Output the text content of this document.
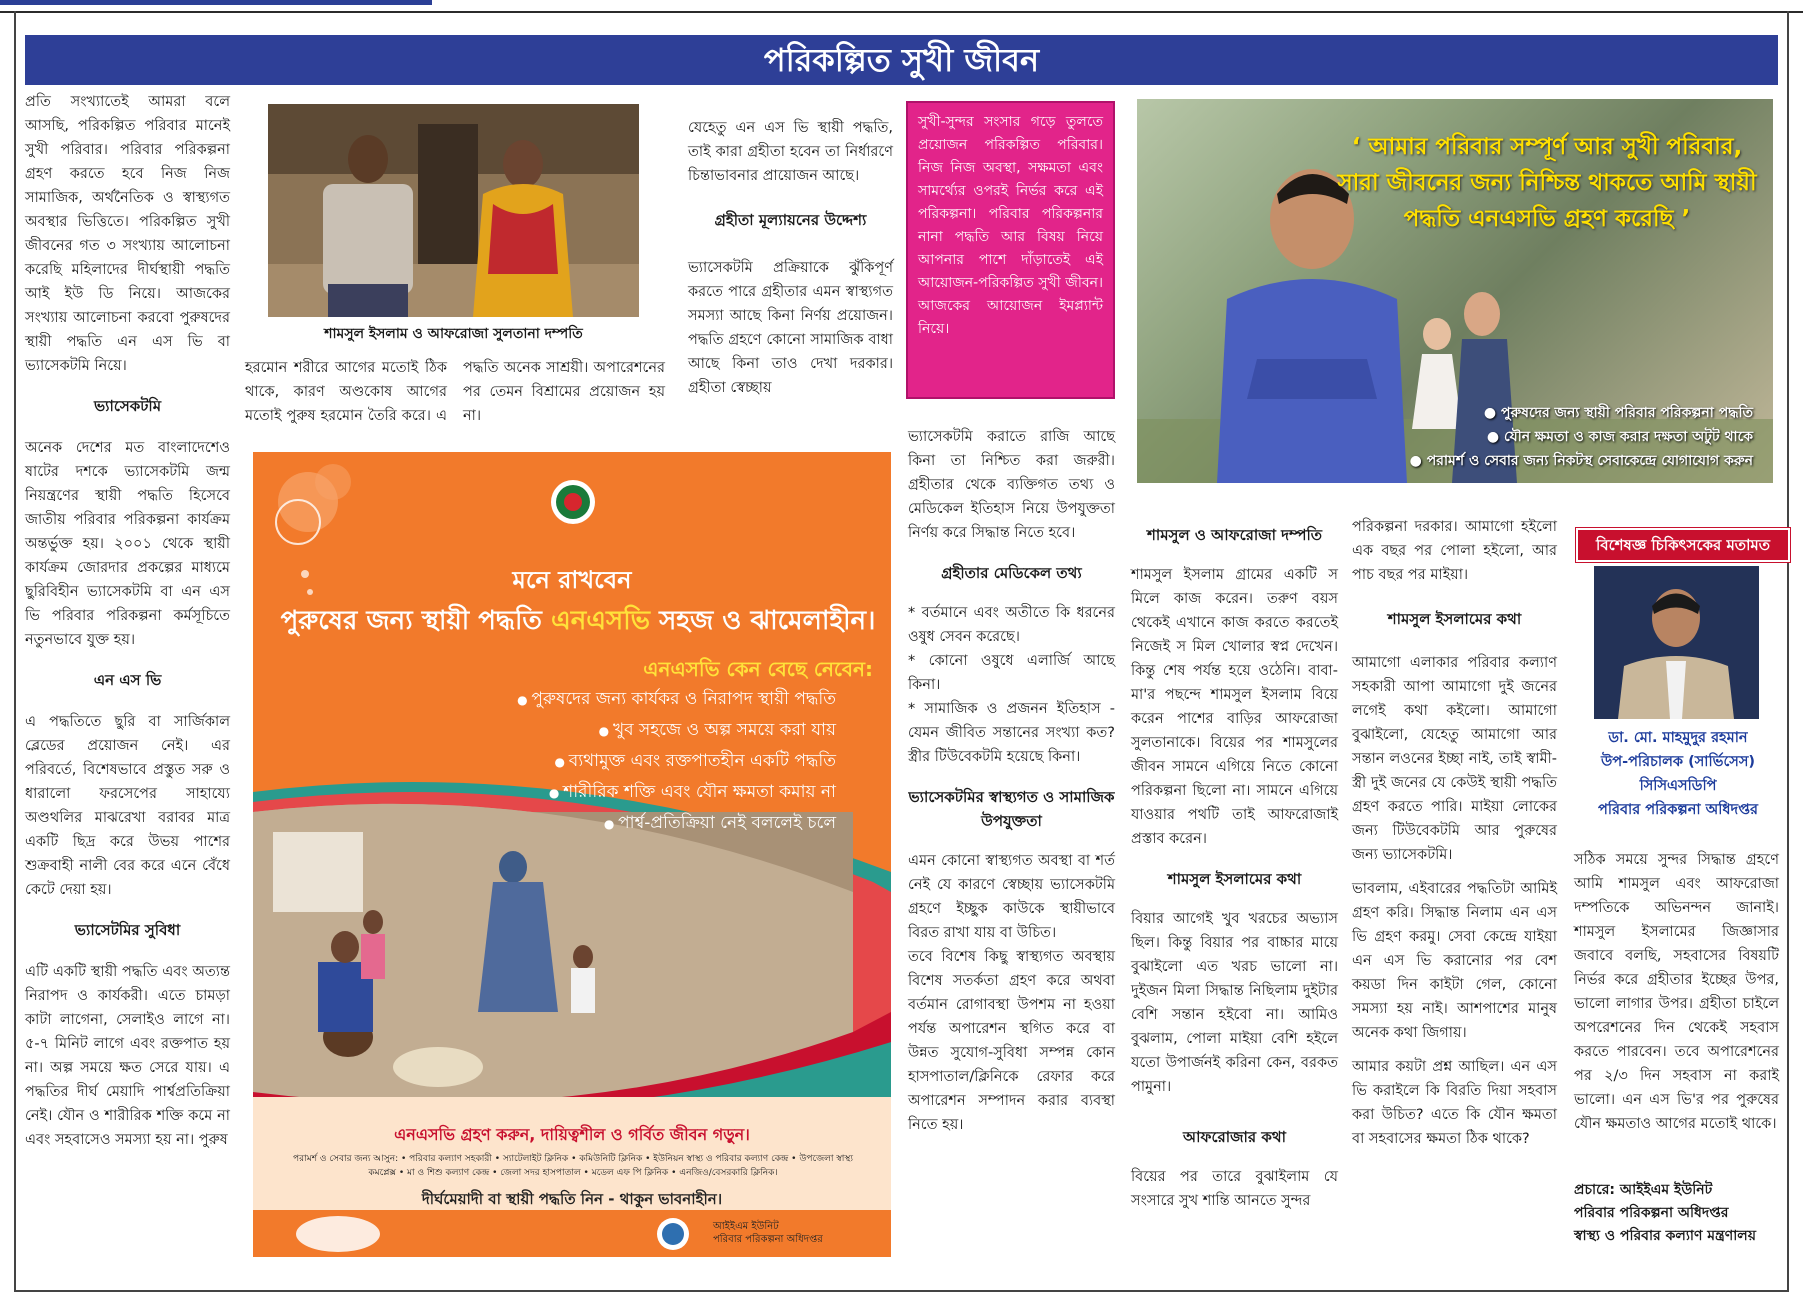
পরিকল্পিত সুখী জীবন

প্রতি সংখ্যাতেই আমরা বলে আসছি, পরিকল্পিত পরিবার মানেই সুখী পরিবার। পরিবার পরিকল্পনা গ্রহণ করতে হবে নিজ নিজ সামাজিক, অর্থনৈতিক ও স্বাস্থ্যগত অবস্থার ভিত্তিতে। পরিকল্পিত সুখী জীবনের গত ৩ সংখ্যায় আলোচনা করেছি মহিলাদের দীর্ঘস্থায়ী পদ্ধতি আই ইউ ডি নিয়ে। আজকের সংখ্যায় আলোচনা করবো পুরুষদের স্থায়ী পদ্ধতি এন এস ভি বা ভ্যাসেকটমি নিয়ে।

ভ্যাসেকটমি

অনেক দেশের মত বাংলাদেশেও ষাটের দশকে ভ্যাসেকটমি জন্ম নিয়ন্ত্রণের স্থায়ী পদ্ধতি হিসেবে জাতীয় পরিবার পরিকল্পনা কার্যক্রম অন্তর্ভুক্ত হয়। ২০০১ থেকে স্থায়ী কার্যক্রম জোরদার প্রকল্পের মাধ্যমে ছুরিবিহীন ভ্যাসেকটমি বা এন এস ভি পরিবার পরিকল্পনা কর্মসূচিতে নতুনভাবে যুক্ত হয়।

এন এস ভি

এ পদ্ধতিতে ছুরি বা সার্জিকাল ব্লেডের প্রয়োজন নেই। এর পরিবর্তে, বিশেষভাবে প্রস্তুত সরু ও ধারালো ফরসেপের সাহায্যে অণ্ডথলির মাঝরেখা বরাবর মাত্র একটি ছিদ্র করে উভয় পাশের শুক্রবাহী নালী বের করে এনে বেঁধে কেটে দেয়া হয়।

ভ্যাসেটমির সুবিধা

এটি একটি স্থায়ী পদ্ধতি এবং অত্যন্ত নিরাপদ ও কার্যকরী। এতে চামড়া কাটা লাগেনা, সেলাইও লাগে না। ৫-৭ মিনিট লাগে এবং রক্তপাত হয় না। অল্প সময়ে ক্ষত সেরে যায়। এ পদ্ধতির দীর্ঘ মেয়াদি পার্শ্বপ্রতিক্রিয়া নেই। যৌন ও শারীরিক শক্তি কমে না এবং সহবাসেও সমস্যা হয় না। পুরুষ

শামসুল ইসলাম ও আফরোজা সুলতানা দম্পতি

হরমোন শরীরে আগের মতোই ঠিক থাকে, কারণ অণ্ডকোষ আগের মতোই পুরুষ হরমোন তৈরি করে। এ পদ্ধতি অনেক সাশ্রয়ী। অপারেশনের পর তেমন বিশ্রামের প্রয়োজন হয় না।

যেহেতু এন এস ভি স্থায়ী পদ্ধতি, তাই কারা গ্রহীতা হবেন তা নির্ধারণে চিন্তাভাবনার প্রায়োজন আছে।

গ্রহীতা মূল্যায়নের উদ্দেশ্য

ভ্যাসেকটমি প্রক্রিয়াকে ঝুঁকিপূর্ণ করতে পারে গ্রহীতার এমন স্বাস্থ্যগত সমস্যা আছে কিনা নির্ণয় প্রয়োজন। পদ্ধতি গ্রহণে কোনো সামাজিক বাধা আছে কিনা তাও দেখা দরকার। গ্রহীতা স্বেচ্ছায়

সুখী-সুন্দর সংসার গড়ে তুলতে প্রয়োজন পরিকল্পিত পরিবার। নিজ নিজ অবস্থা, সক্ষমতা এবং সামর্থ্যের ওপরই নির্ভর করে এই পরিকল্পনা। পরিবার পরিকল্পনার নানা পদ্ধতি আর বিষয় নিয়ে আপনার পাশে দাঁড়াতেই এই আয়োজন-পরিকল্পিত সুখী জীবন। আজকের আয়োজন ইমপ্ল্যান্ট নিয়ে।

ভ্যাসেকটমি করাতে রাজি আছে কিনা তা নিশ্চিত করা জরুরী। গ্রহীতার থেকে ব্যক্তিগত তথ্য ও মেডিকেল ইতিহাস নিয়ে উপযুক্ততা নির্ণয় করে সিদ্ধান্ত নিতে হবে।

গ্রহীতার মেডিকেল তথ্য

* বর্তমানে এবং অতীতে কি ধরনের ওষুধ সেবন করেছে।

* কোনো ওষুধে এলার্জি আছে কিনা।

* সামাজিক ও প্রজনন ইতিহাস - যেমন জীবিত সন্তানের সংখ্যা কত? স্ত্রীর টিউবেকটমি হয়েছে কিনা।

ভ্যাসেকটমির স্বাস্থ্যগত ও সামাজিক উপযুক্ততা

এমন কোনো স্বাস্থ্যগত অবস্থা বা শর্ত নেই যে কারণে স্বেচ্ছায় ভ্যাসেকটমি গ্রহণে ইচ্ছুক কাউকে স্থায়ীভাবে বিরত রাখা যায় বা উচিত।

তবে বিশেষ কিছু স্বাস্থ্যগত অবস্থায় বিশেষ সতর্কতা গ্রহণ করে অথবা বর্তমান রোগাবস্থা উপশম না হওয়া পর্যন্ত অপারেশন স্থগিত করে বা উন্নত সুযোগ-সুবিধা সম্পন্ন কোন হাসপাতাল/ক্লিনিকে রেফার করে অপারেশন সম্পাদন করার ব্যবস্থা নিতে হয়।

শামসুল ও আফরোজা দম্পতি

শামসুল ইসলাম গ্রামের একটি স মিলে কাজ করেন। তরুণ বয়স থেকেই এখানে কাজ করতে করতেই নিজেই স মিল খোলার স্বপ্ন দেখেন। কিন্তু শেষ পর্যন্ত হয়ে ওঠেনি। বাবা-মা'র পছন্দে শামসুল ইসলাম বিয়ে করেন পাশের বাড়ির আফরোজা সুলতানাকে। বিয়ের পর শামসুলের জীবন সামনে এগিয়ে নিতে কোনো পরিকল্পনা ছিলো না। সামনে এগিয়ে যাওয়ার পথটি তাই আফরোজাই প্রস্তাব করেন।

শামসুল ইসলামের কথা

বিয়ার আগেই খুব খরচের অভ্যাস ছিল। কিন্তু বিয়ার পর বাচ্চার মায়ে বুঝাইলো এত খরচ ভালো না। দুইজন মিলা সিদ্ধান্ত নিছিলাম দুইটার বেশি সন্তান হইবো না। আমিও বুঝলাম, পোলা মাইয়া বেশি হইলে যতো উপার্জনই করিনা কেন, বরকত পামুনা।

আফরোজার কথা

বিয়ের পর তারে বুঝাইলাম যে সংসারে সুখ শান্তি আনতে সুন্দর

পরিকল্পনা দরকার। আমাগো হইলো এক বছর পর পোলা হইলো, আর পাচ বছর পর মাইয়া।

শামসুল ইসলামের কথা

আমাগো এলাকার পরিবার কল্যাণ সহকারী আপা আমাগো দুই জনের লগেই কথা কইলো। আমাগো বুঝাইলো, যেহেতু আমাগো আর সন্তান লওনের ইচ্ছা নাই, তাই স্বামী-স্ত্রী দুই জনের যে কেউই স্থায়ী পদ্ধতি গ্রহণ করতে পারি। মাইয়া লোকের জন্য টিউবেকটমি আর পুরুষের জন্য ভ্যাসেকটমি।

ভাবলাম, এইবারের পদ্ধতিটা আমিই গ্রহণ করি। সিদ্ধান্ত নিলাম এন এস ভি গ্রহণ করমু। সেবা কেন্দ্রে যাইয়া এন এস ভি করানোর পর বেশ কয়ডা দিন কাইটা গেল, কোনো সমস্যা হয় নাই। আশপাশের মানুষ অনেক কথা জিগায়।

আমার কয়টা প্রশ্ন আছিল। এন এস ভি করাইলে কি বিরতি দিয়া সহবাস করা উচিত? এতে কি যৌন ক্ষমতা বা সহবাসের ক্ষমতা ঠিক থাকে?

‘ আমার পরিবার সম্পূর্ণ আর সুখী পরিবার, সারা জীবনের জন্য নিশ্চিন্ত থাকতে আমি স্থায়ী পদ্ধতি এনএসভি গ্রহণ করেছি ’
● পুরুষদের জন্য স্থায়ী পরিবার পরিকল্পনা পদ্ধতি
● যৌন ক্ষমতা ও কাজ করার দক্ষতা অটুট থাকে
● পরামর্শ ও সেবার জন্য নিকটস্থ সেবাকেন্দ্রে যোগাযোগ করুন
মনে রাখবেন
পুরুষের জন্য স্থায়ী পদ্ধতি এনএসভি সহজ ও ঝামেলাহীন।
এনএসভি কেন বেছে নেবেন:
● পুরুষদের জন্য কার্যকর ও নিরাপদ স্থায়ী পদ্ধতি
● খুব সহজে ও অল্প সময়ে করা যায়
● ব্যথামুক্ত এবং রক্তপাতহীন একটি পদ্ধতি
● শারীরিক শক্তি এবং যৌন ক্ষমতা কমায় না
● পার্শ্ব-প্রতিক্রিয়া নেই বললেই চলে
এনএসভি গ্রহণ করুন, দায়িত্বশীল ও গর্বিত জীবন গড়ুন।
পরামর্শ ও সেবার জন্য আসুন: • পরিবার কল্যাণ সহকারী • স্যাটেলাইট ক্লিনিক • কমিউনিটি ক্লিনিক • ইউনিয়ন স্বাস্থ্য ও পরিবার কল্যাণ কেন্দ্র • উপজেলা স্বাস্থ্য কমপ্লেক্স • মা ও শিশু কল্যাণ কেন্দ্র • জেলা সদর হাসপাতাল • মডেল এফ পি ক্লিনিক • এনজিও/বেসরকারি ক্লিনিক।
দীর্ঘমেয়াদী বা স্থায়ী পদ্ধতি নিন - থাকুন ভাবনাহীন।
আইইএম ইউনিট
পরিবার পরিকল্পনা অধিদপ্তর
বিশেষজ্ঞ চিকিৎসকের মতামত
ডা. মো. মাহমুদুর রহমান
উপ-পরিচালক (সার্ভিসেস)
সিসিএসডিপি
পরিবার পরিকল্পনা অধিদপ্তর

সঠিক সময়ে সুন্দর সিদ্ধান্ত গ্রহণে আমি শামসুল এবং আফরোজা দম্পতিকে অভিনন্দন জানাই। শামসুল ইসলামের জিজ্ঞাসার জবাবে বলছি, সহবাসের বিষয়টি নির্ভর করে গ্রহীতার ইচ্ছের উপর, ভালো লাগার উপর। গ্রহীতা চাইলে অপরেশনের দিন থেকেই সহবাস করতে পারবেন। তবে অপারেশনের পর ২/৩ দিন সহবাস না করাই ভালো। এন এস ভি'র পর পুরুষের যৌন ক্ষমতাও আগের মতোই থাকে।

প্রচারে: আইইএম ইউনিট
পরিবার পরিকল্পনা অধিদপ্তর
স্বাস্থ্য ও পরিবার কল্যাণ মন্ত্রণালয়
